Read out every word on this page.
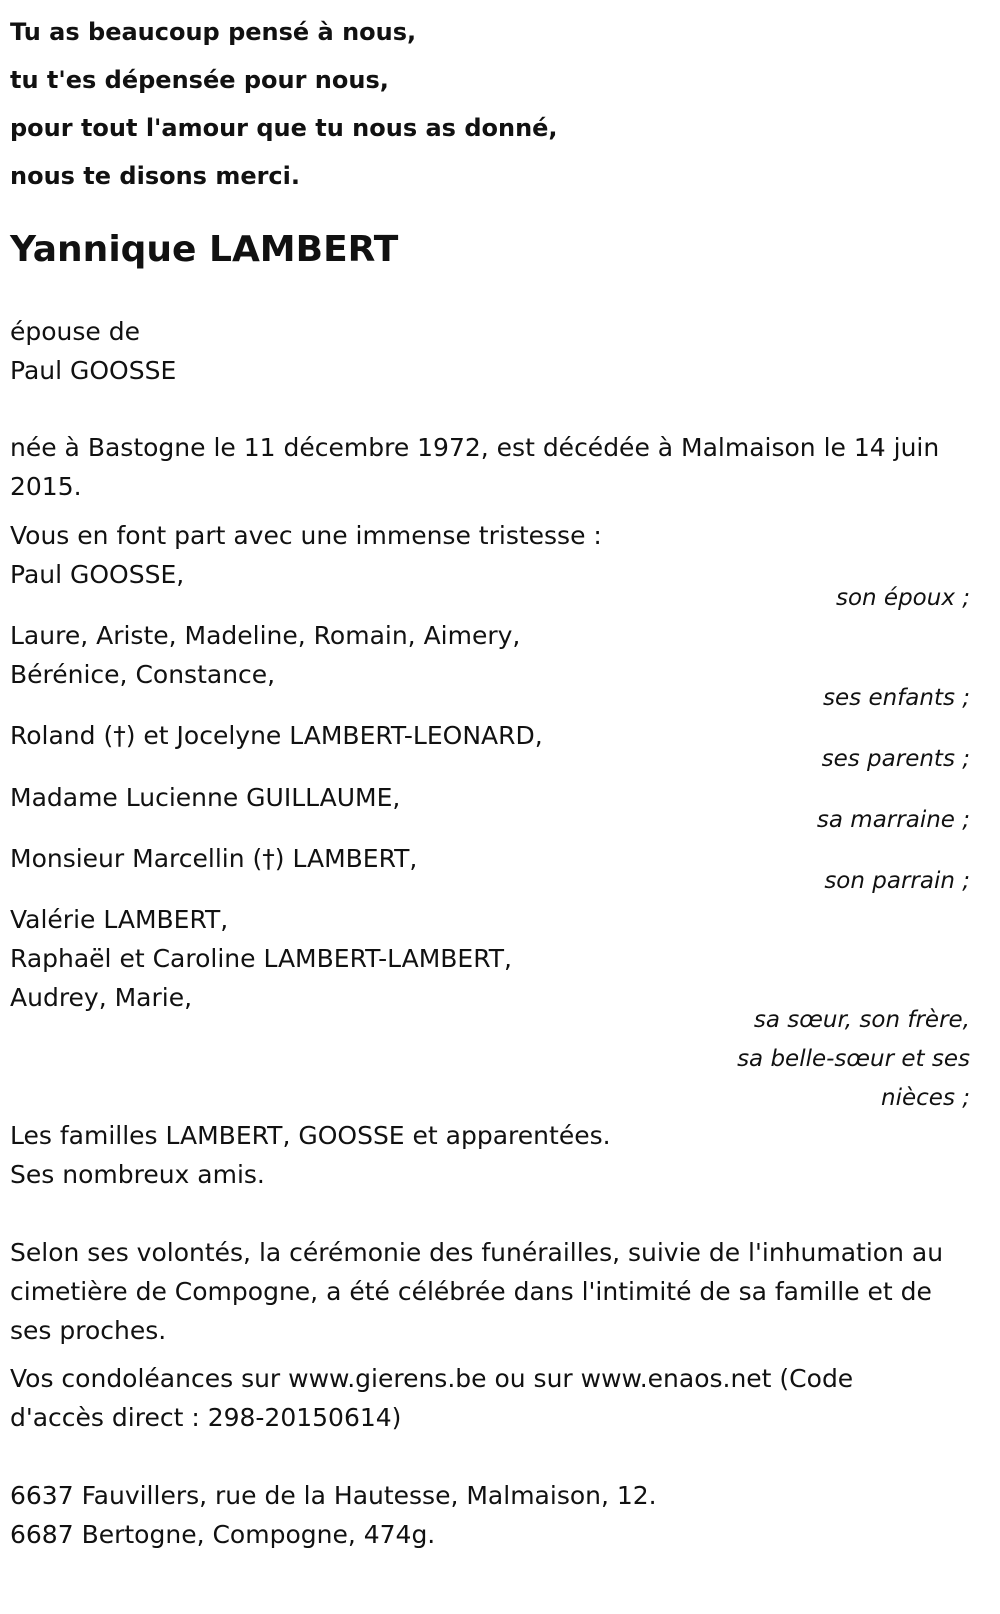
Tu as beaucoup pensé à nous,
tu t'es dépensée pour nous,
pour tout l'amour que tu nous as donné,
nous te disons merci.
Yannique LAMBERT
épouse de
Paul GOOSSE
née à Bastogne le 11 décembre 1972, est décédée à Malmaison le 14 juin
2015.
Vous en font part avec une immense tristesse :
Paul GOOSSE,
son époux ;
Laure, Ariste, Madeline, Romain, Aimery,
Bérénice, Constance,
ses enfants ;
Roland (†) et Jocelyne LAMBERT-LEONARD,
ses parents ;
Madame Lucienne GUILLAUME,
sa marraine ;
Monsieur Marcellin (†) LAMBERT,
son parrain ;
Valérie LAMBERT,
Raphaël et Caroline LAMBERT-LAMBERT,
Audrey, Marie,
sa sœur, son frère,
sa belle-sœur et ses
nièces ;
Les familles LAMBERT, GOOSSE et apparentées.
Ses nombreux amis.
Selon ses volontés, la cérémonie des funérailles, suivie de l'inhumation au
cimetière de Compogne, a été célébrée dans l'intimité de sa famille et de
ses proches.
Vos condoléances sur www.gierens.be ou sur www.enaos.net (Code
d'accès direct : 298-20150614)
6637 Fauvillers, rue de la Hautesse, Malmaison, 12.
6687 Bertogne, Compogne, 474g.
